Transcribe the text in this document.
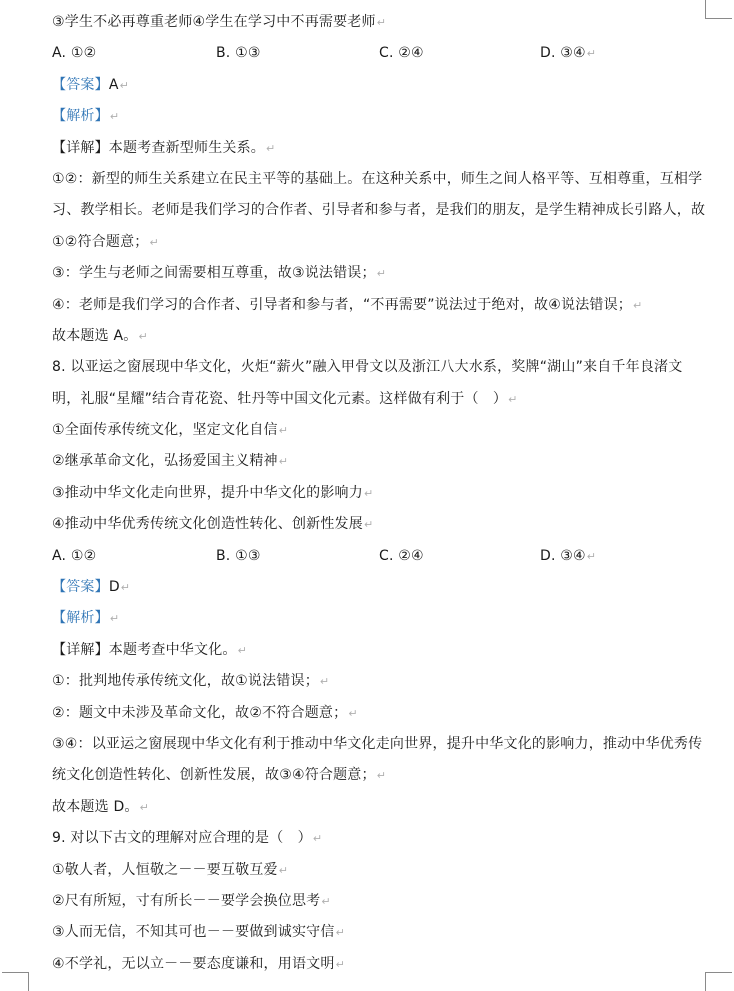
③学生不必再尊重老师④学生在学习中不再需要老师↵
A. ①②	B. ①③	C. ②④	D. ③④↵
【答案】A↵
【解析】↵
【详解】本题考查新型师生关系。↵
①②：新型的师生关系建立在民主平等的基础上。在这种关系中，师生之间人格平等、互相尊重，互相学
习、教学相长。老师是我们学习的合作者、引导者和参与者，是我们的朋友，是学生精神成长引路人，故
①②符合题意；↵
③：学生与老师之间需要相互尊重，故③说法错误；↵
④：老师是我们学习的合作者、引导者和参与者，“不再需要”说法过于绝对，故④说法错误；↵
故本题选 A。↵
8. 以亚运之窗展现中华文化，火炬“薪火”融入甲骨文以及浙江八大水系，奖牌“湖山”来自千年良渚文
明，礼服“星耀”结合青花瓷、牡丹等中国文化元素。这样做有利于（　）↵
①全面传承传统文化，坚定文化自信↵
②继承革命文化，弘扬爱国主义精神↵
③推动中华文化走向世界，提升中华文化的影响力↵
④推动中华优秀传统文化创造性转化、创新性发展↵
A. ①②	B. ①③	C. ②④	D. ③④↵
【答案】D↵
【解析】↵
【详解】本题考查中华文化。↵
①：批判地传承传统文化，故①说法错误；↵
②：题文中未涉及革命文化，故②不符合题意；↵
③④：以亚运之窗展现中华文化有利于推动中华文化走向世界，提升中华文化的影响力，推动中华优秀传
统文化创造性转化、创新性发展，故③④符合题意；↵
故本题选 D。↵
9. 对以下古文的理解对应合理的是（　）↵
①敬人者，人恒敬之－－要互敬互爱↵
②尺有所短，寸有所长－－要学会换位思考↵
③人而无信，不知其可也－－要做到诚实守信↵
④不学礼，无以立－－要态度谦和，用语文明↵
